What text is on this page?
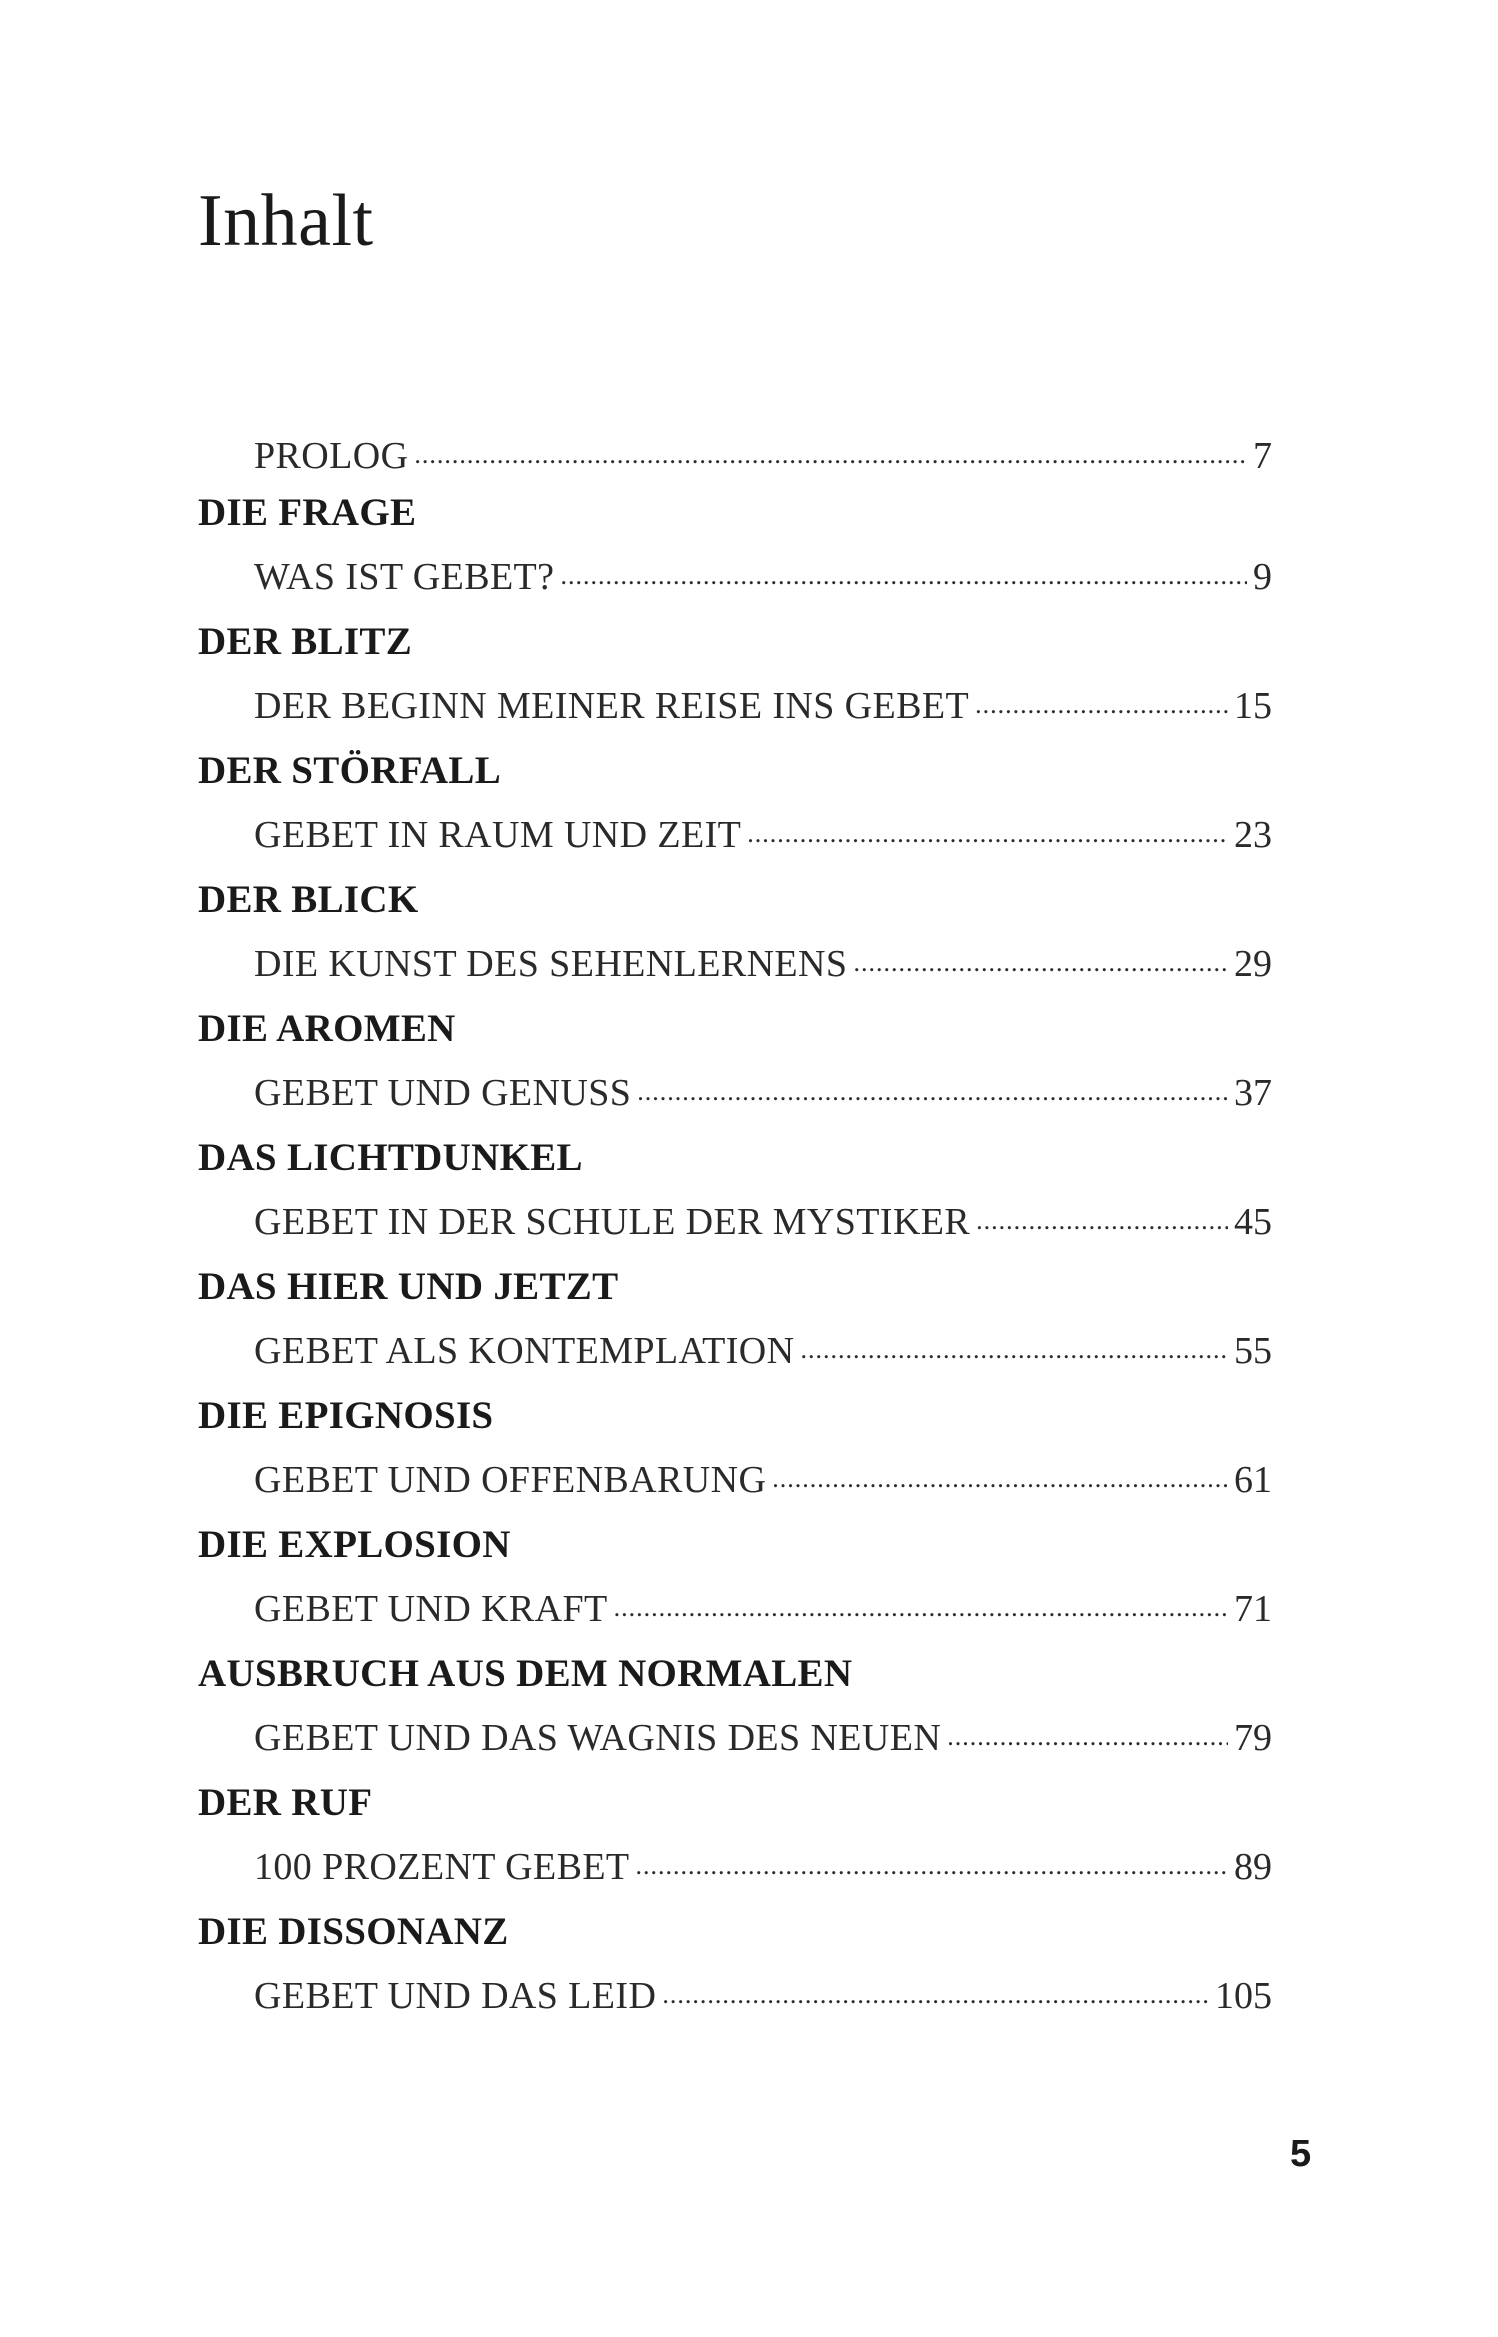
Inhalt
PROLOG .....	7
DIE FRAGE
WAS IST GEBET? .....	9
DER BLITZ
DER BEGINN MEINER REISE INS GEBET .....	15
DER STÖRFALL
GEBET IN RAUM UND ZEIT .....	23
DER BLICK
DIE KUNST DES SEHENLERNENS .....	29
DIE AROMEN
GEBET UND GENUSS .....	37
DAS LICHTDUNKEL
GEBET IN DER SCHULE DER MYSTIKER .....	45
DAS HIER UND JETZT
GEBET ALS KONTEMPLATION .....	55
DIE EPIGNOSIS
GEBET UND OFFENBARUNG .....	61
DIE EXPLOSION
GEBET UND KRAFT .....	71
AUSBRUCH AUS DEM NORMALEN
GEBET UND DAS WAGNIS DES NEUEN .....	79
DER RUF
100 PROZENT GEBET .....	89
DIE DISSONANZ
GEBET UND DAS LEID .....	105
5
